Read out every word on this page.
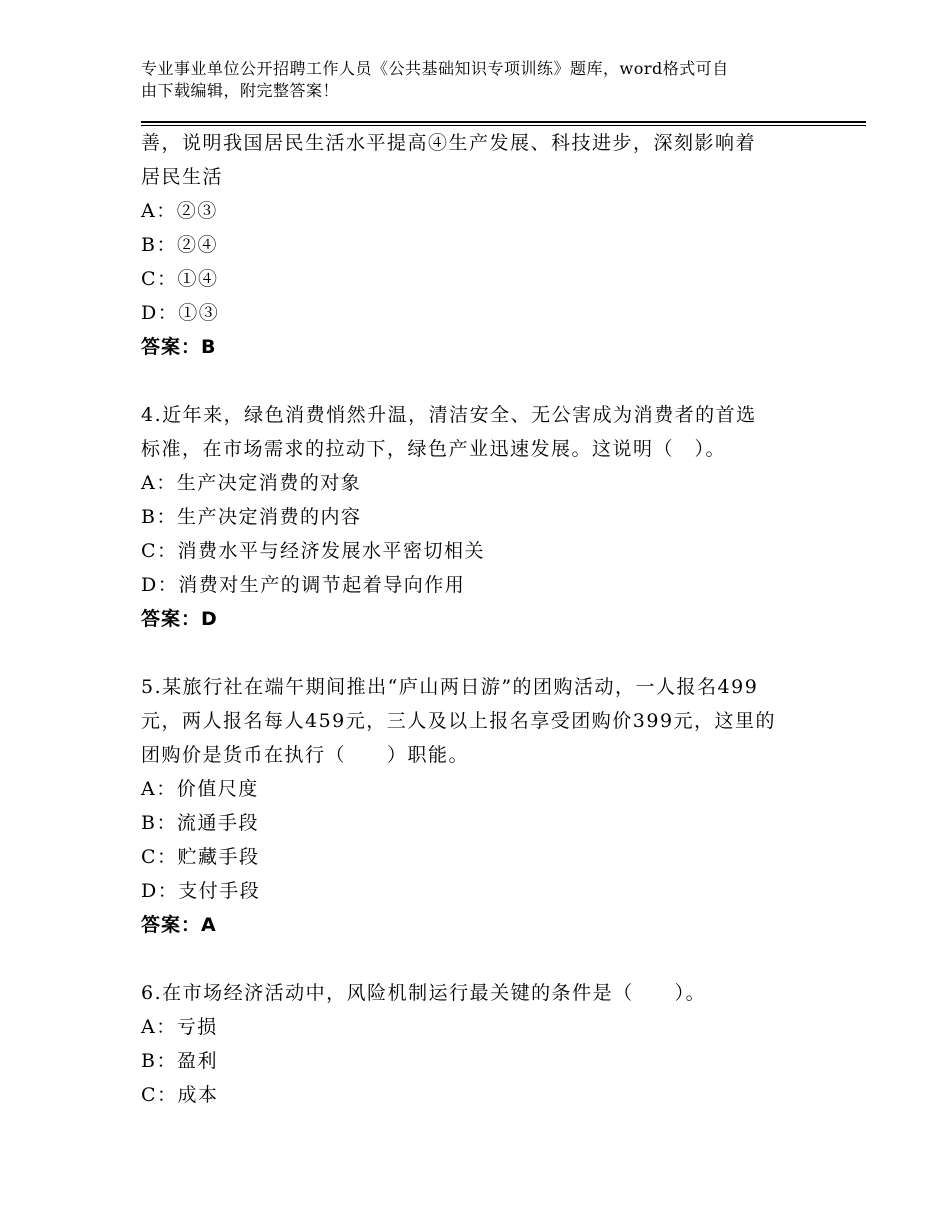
专业事业单位公开招聘工作人员《公共基础知识专项训练》题库，word格式可自
由下载编辑，附完整答案！
善，说明我国居民生活水平提高④生产发展、科技进步，深刻影响着
居民生活
A：②③
B：②④
C：①④
D：①③
答案：B
4.近年来，绿色消费悄然升温，清洁安全、无公害成为消费者的首选
标准，在市场需求的拉动下，绿色产业迅速发展。这说明（　）。
A：生产决定消费的对象
B：生产决定消费的内容
C：消费水平与经济发展水平密切相关
D：消费对生产的调节起着导向作用
答案：D
5.某旅行社在端午期间推出“庐山两日游”的团购活动，一人报名499
元，两人报名每人459元，三人及以上报名享受团购价399元，这里的
团购价是货币在执行（　　）职能。
A：价值尺度
B：流通手段
C：贮藏手段
D：支付手段
答案：A
6.在市场经济活动中，风险机制运行最关键的条件是（　　）。
A：亏损
B：盈利
C：成本
